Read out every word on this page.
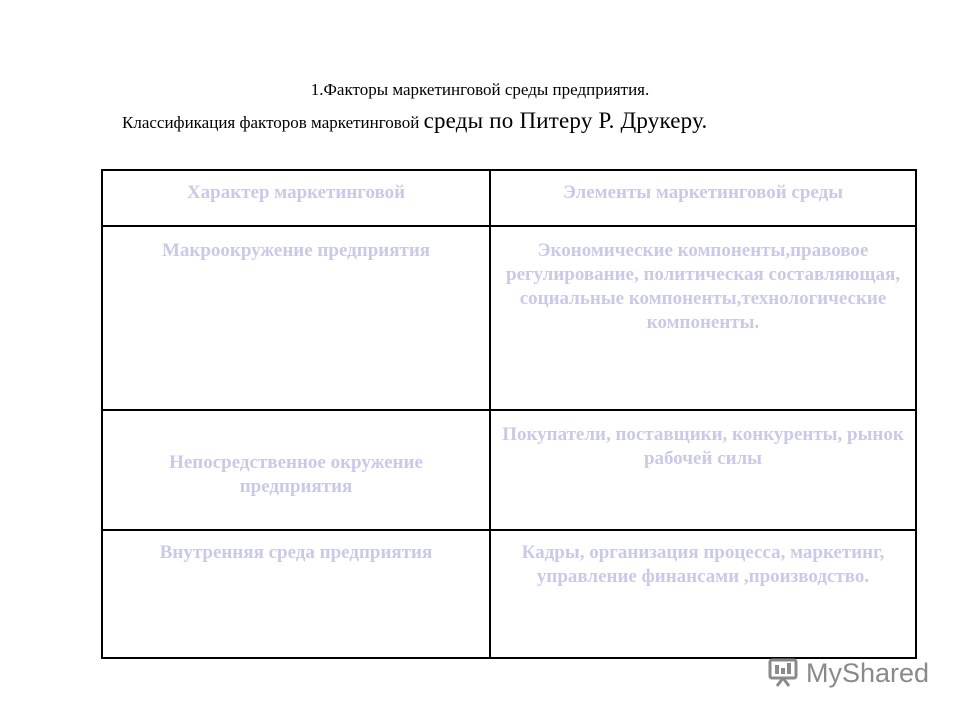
1.Факторы маркетинговой среды предприятия.
Классификация факторов маркетинговой среды по Питеру Р. Друкеру.
Характер маркетинговой	Элементы маркетинговой среды
Макроокружение предприятия	Экономические компоненты,правовое регулирование, политическая составляющая, социальные компоненты,технологические компоненты.
Непосредственное окружение предприятия	Покупатели, поставщики, конкуренты, рынок рабочей силы
Внутренняя среда предприятия	Кадры, организация процесса, маркетинг, управление финансами ,производство.
MyShared
